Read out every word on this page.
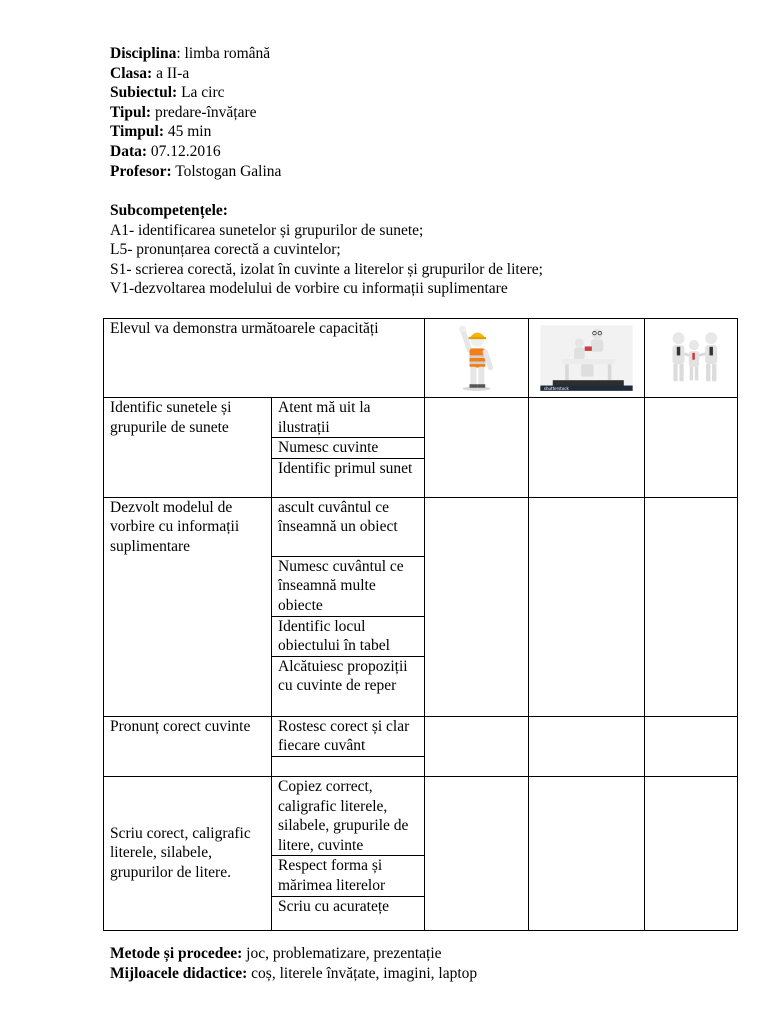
Disciplina: limba română
Clasa: a II-a
Subiectul: La circ
Tipul: predare-învățare
Timpul: 45 min
Data: 07.12.2016
Profesor: Tolstogan Galina
Subcompetențele:
A1- identificarea sunetelor și grupurilor de sunete;
L5- pronunțarea corectă a cuvintelor;
S1- scrierea corectă, izolat în cuvinte a literelor și grupurilor de litere;
V1-dezvoltarea modelului de vorbire cu informații suplimentare
Elevul va demonstra următoarele capacități			shutterstock

Identific sunetele și grupurile de sunete	Atent mă uit la ilustrații			
	Numesc cuvinte			
	Identific primul sunet			
Dezvolt modelul de vorbire cu informații suplimentare	ascult cuvântul ce înseamnă un obiect			
	Numesc cuvântul ce înseamnă multe obiecte			
	Identific locul obiectului în tabel			
	Alcătuiesc propoziții cu cuvinte de reper			
Pronunț corect cuvinte	Rostesc corect și clar fiecare cuvânt			

Scriu corect, caligrafic literele, silabele, grupurilor de litere.	Copiez correct, caligrafic literele, silabele, grupurile de litere, cuvinte			
	Respect forma și mărimea literelor			
	Scriu cu acuratețe			
Metode și procedee: joc, problematizare, prezentație
Mijloacele didactice: coș, literele învățate, imagini, laptop
